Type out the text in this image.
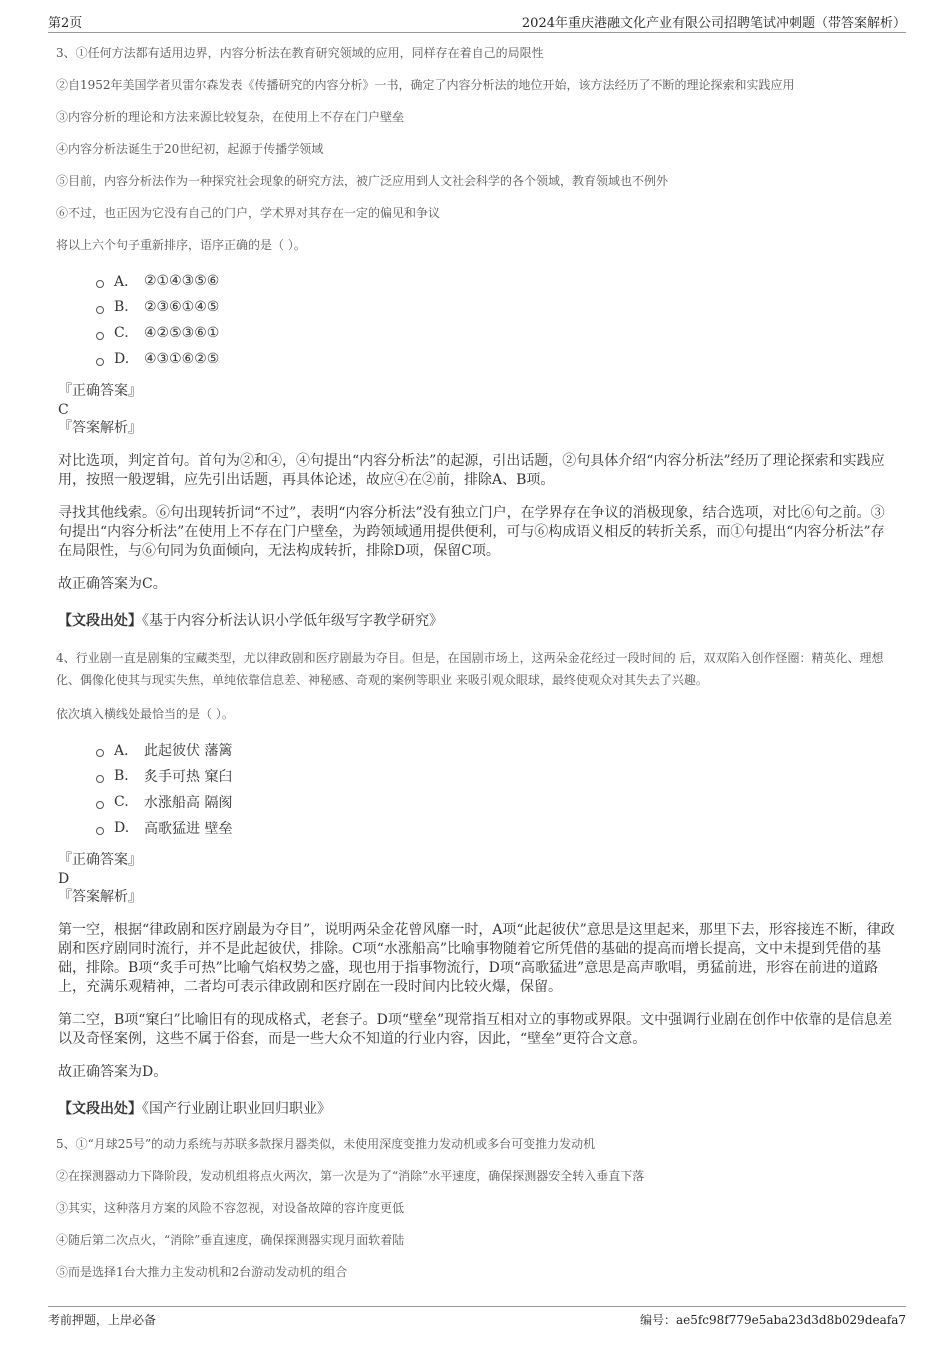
第2页	2024年重庆港融文化产业有限公司招聘笔试冲刺题（带答案解析）

3、①任何方法都有适用边界，内容分析法在教育研究领域的应用，同样存在着自己的局限性

②自1952年美国学者贝雷尔森发表《传播研究的内容分析》一书，确定了内容分析法的地位开始，该方法经历了不断的理论探索和实践应用

③内容分析的理论和方法来源比较复杂，在使用上不存在门户壁垒

④内容分析法诞生于20世纪初，起源于传播学领域

⑤目前，内容分析法作为一种探究社会现象的研究方法，被广泛应用到人文社会科学的各个领域，教育领域也不例外

⑥不过，也正因为它没有自己的门户，学术界对其存在一定的偏见和争议

将以上六个句子重新排序，语序正确的是（ ）。

A． ②①④③⑤⑥
B.	②③⑥①④⑤
C.	④②⑤③⑥①
D.	④③①⑥②⑤
『正确答案』
C
『答案解析』

对比选项，判定首句。首句为②和④，④句提出“内容分析法”的起源，引出话题，②句具体介绍“内容分析法”经历了理论探索和实践应用，按照一般逻辑，应先引出话题，再具体论述，故应④在②前，排除A、B项。

寻找其他线索。⑥句出现转折词“不过”，表明“内容分析法”没有独立门户，在学界存在争议的消极现象，结合选项，对比⑥句之前。③句提出“内容分析法”在使用上不存在门户壁垒，为跨领域通用提供便利，可与⑥构成语义相反的转折关系，而①句提出“内容分析法”存在局限性，与⑥句同为负面倾向，无法构成转折，排除D项，保留C项。

故正确答案为C。

【文段出处】《基于内容分析法认识小学低年级写字教学研究》

4、行业剧一直是剧集的宝藏类型，尤以律政剧和医疗剧最为夺目。但是，在国剧市场上，这两朵金花经过一段时间的 后，双双陷入创作怪圈：精英化、理想化、偶像化使其与现实失焦，单纯依靠信息差、神秘感、奇观的案例等职业 来吸引观众眼球，最终使观众对其失去了兴趣。

依次填入横线处最恰当的是（ ）。

A． 此起彼伏 藩篱
B.	炙手可热 窠臼
C.	水涨船高 隔阂
D.	高歌猛进 壁垒
『正确答案』
D
『答案解析』

第一空，根据“律政剧和医疗剧最为夺目”，说明两朵金花曾风靡一时，A项“此起彼伏”意思是这里起来，那里下去，形容接连不断，律政剧和医疗剧同时流行，并不是此起彼伏，排除。C项“水涨船高”比喻事物随着它所凭借的基础的提高而增长提高，文中未提到凭借的基础，排除。B项“炙手可热”比喻气焰权势之盛，现也用于指事物流行，D项“高歌猛进”意思是高声歌唱，勇猛前进，形容在前进的道路上，充满乐观精神，二者均可表示律政剧和医疗剧在一段时间内比较火爆，保留。

第二空，B项“窠臼”比喻旧有的现成格式，老套子。D项“壁垒”现常指互相对立的事物或界限。文中强调行业剧在创作中依靠的是信息差以及奇怪案例，这些不属于俗套，而是一些大众不知道的行业内容，因此，“壁垒”更符合文意。

故正确答案为D。

【文段出处】《国产行业剧让职业回归职业》

5、①“月球25号”的动力系统与苏联多款探月器类似，未使用深度变推力发动机或多台可变推力发动机

②在探测器动力下降阶段，发动机组将点火两次，第一次是为了“消除”水平速度，确保探测器安全转入垂直下落

③其实，这种落月方案的风险不容忽视，对设备故障的容许度更低

④随后第二次点火，“消除”垂直速度，确保探测器实现月面软着陆

⑤而是选择1台大推力主发动机和2台游动发动机的组合

考前押题，上岸必备	编号：ae5fc98f779e5aba23d3d8b029deafa7
